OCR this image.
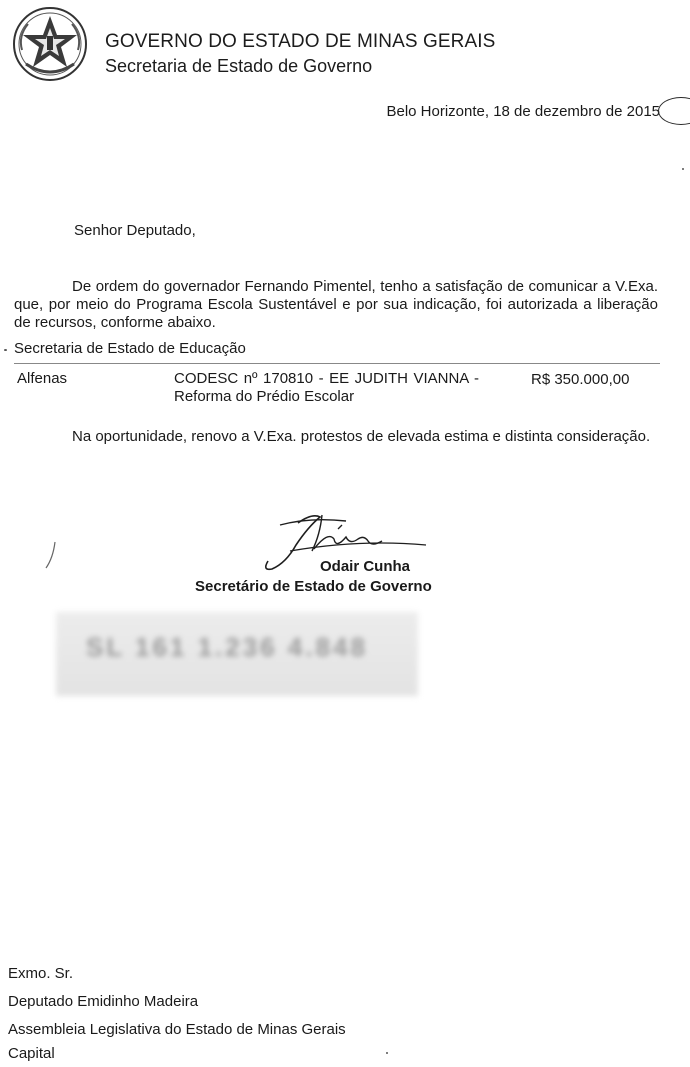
GOVERNO DO ESTADO DE MINAS GERAIS
Secretaria de Estado de Governo
Belo Horizonte, 18 de dezembro de 2015
Senhor Deputado,
De ordem do governador Fernando Pimentel, tenho a satisfação de comunicar a V.Exa. que, por meio do Programa Escola Sustentável e por sua indicação, foi autorizada a liberação de recursos, conforme abaixo.
Secretaria de Estado de Educação
Alfenas	CODESC nº 170810 - EE JUDITH VIANNA - Reforma do Prédio Escolar
R$ 350.000,00
Na oportunidade, renovo a V.Exa. protestos de elevada estima e distinta consideração.
Odair Cunha
Secretário de Estado de Governo
SL 161 1.236 4.848
Exmo. Sr.
Deputado Emidinho Madeira
Assembleia Legislativa do Estado de Minas Gerais
Capital
